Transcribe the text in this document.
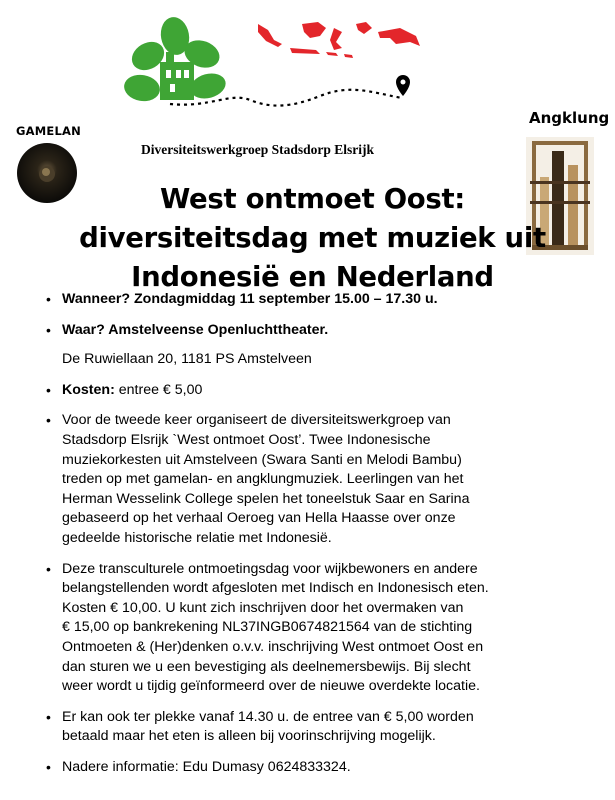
Diversiteitswerkgroep Stadsdorp Elsrijk
GAMELAN
Angklung
West ontmoet Oost:
diversiteitsdag met muziek uit
Indonesië en Nederland
• Wanneer? Zondagmiddag 11 september 15.00 – 17.30 u.
• Waar? Amstelveense Openluchttheater.
De Ruwiellaan 20, 1181 PS Amstelveen
• Kosten: entree € 5,00
• Voor de tweede keer organiseert de diversiteitswerkgroep van
Stadsdorp Elsrijk `West ontmoet Oost’. Twee Indonesische
muziekorkesten uit Amstelveen (Swara Santi en Melodi Bambu)
treden op met gamelan- en angklungmuziek. Leerlingen van het
Herman Wesselink College spelen het toneelstuk Saar en Sarina
gebaseerd op het verhaal Oeroeg van Hella Haasse over onze
gedeelde historische relatie met Indonesië.
• Deze transculturele ontmoetingsdag voor wijkbewoners en andere
belangstellenden wordt afgesloten met Indisch en Indonesisch eten.
Kosten € 10,00. U kunt zich inschrijven door het overmaken van
€ 15,00 op bankrekening NL37INGB0674821564 van de stichting
Ontmoeten & (Her)denken o.v.v. inschrijving West ontmoet Oost en
dan sturen we u een bevestiging als deelnemersbewijs. Bij slecht
weer wordt u tijdig geïnformeerd over de nieuwe overdekte locatie.
• Er kan ook ter plekke vanaf 14.30 u. de entree van € 5,00 worden
betaald maar het eten is alleen bij voorinschrijving mogelijk.
• Nadere informatie: Edu Dumasy 0624833324.
